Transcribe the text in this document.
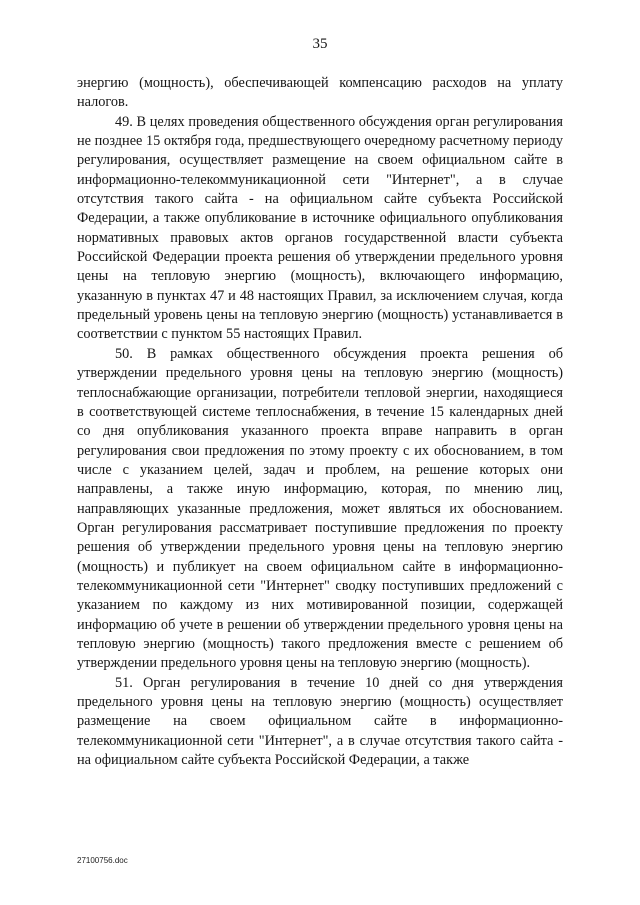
35

энергию (мощность), обеспечивающей компенсацию расходов на уплату налогов.

49. В целях проведения общественного обсуждения орган регулирования не позднее 15 октября года, предшествующего очередному расчетному периоду регулирования, осуществляет размещение на своем официальном сайте в информационно-телекоммуникационной сети "Интернет", а в случае отсутствия такого сайта - на официальном сайте субъекта Российской Федерации, а также опубликование в источнике официального опубликования нормативных правовых актов органов государственной власти субъекта Российской Федерации проекта решения об утверждении предельного уровня цены на тепловую энергию (мощность), включающего информацию, указанную в пунктах 47 и 48 настоящих Правил, за исключением случая, когда предельный уровень цены на тепловую энергию (мощность) устанавливается в соответствии с пунктом 55 настоящих Правил.

50. В рамках общественного обсуждения проекта решения об утверждении предельного уровня цены на тепловую энергию (мощность) теплоснабжающие организации, потребители тепловой энергии, находящиеся в соответствующей системе теплоснабжения, в течение 15 календарных дней со дня опубликования указанного проекта вправе направить в орган регулирования свои предложения по этому проекту с их обоснованием, в том числе с указанием целей, задач и проблем, на решение которых они направлены, а также иную информацию, которая, по мнению лиц, направляющих указанные предложения, может являться их обоснованием. Орган регулирования рассматривает поступившие предложения по проекту решения об утверждении предельного уровня цены на тепловую энергию (мощность) и публикует на своем официальном сайте в информационно-телекоммуникационной сети "Интернет" сводку поступивших предложений с указанием по каждому из них мотивированной позиции, содержащей информацию об учете в решении об утверждении предельного уровня цены на тепловую энергию (мощность) такого предложения вместе с решением об утверждении предельного уровня цены на тепловую энергию (мощность).

51. Орган регулирования в течение 10 дней со дня утверждения предельного уровня цены на тепловую энергию (мощность) осуществляет размещение на своем официальном сайте в информационно-телекоммуникационной сети "Интернет", а в случае отсутствия такого сайта - на официальном сайте субъекта Российской Федерации, а также

27100756.doc
